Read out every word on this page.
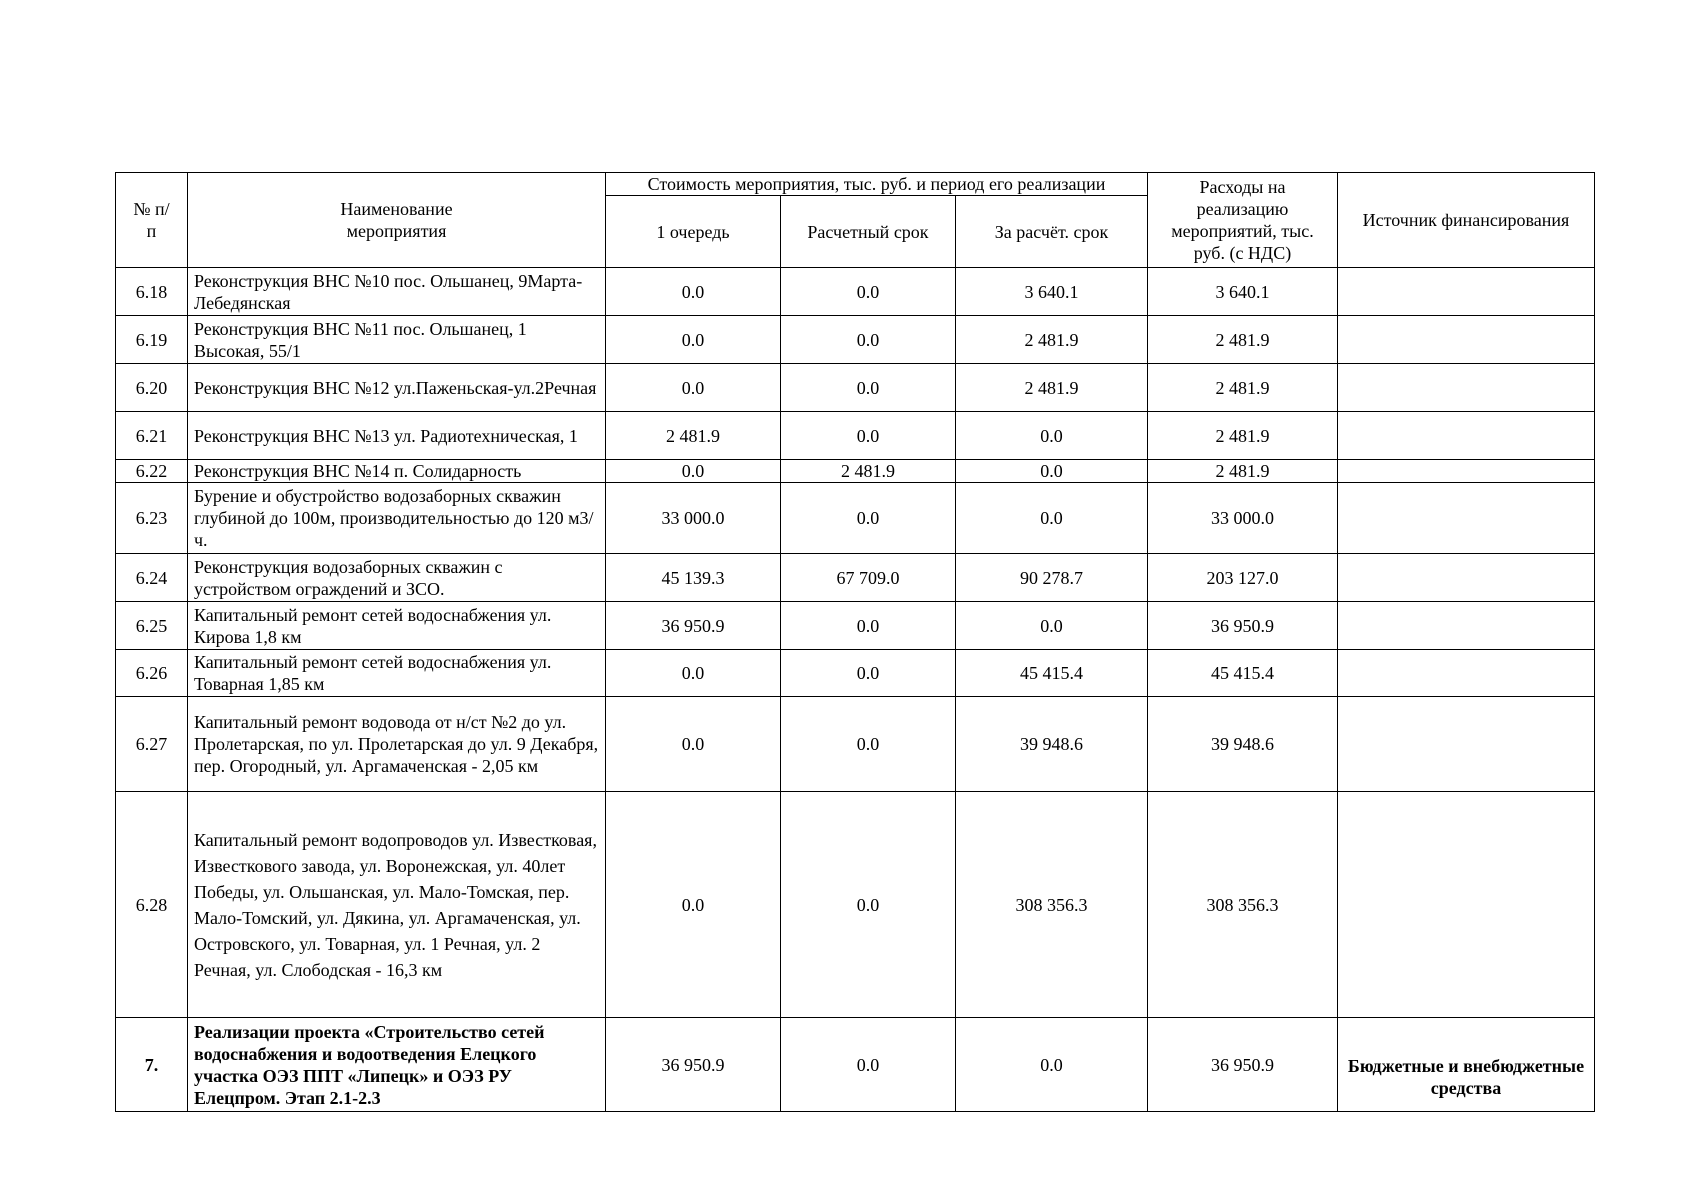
№ п/п	Наименование мероприятия	Стоимость мероприятия, тыс. руб. и период его реализации			Расходы на реализацию мероприятий, тыс. руб. (с НДС)	Источник финансирования
		1 очередь	Расчетный срок	За расчёт. срок		
6.18	Реконструкция ВНС №10 пос. Ольшанец, 9Марта-Лебедянская	0.0	0.0	3 640.1	3 640.1	
6.19	Реконструкция ВНС №11 пос. Ольшанец, 1 Высокая, 55/1	0.0	0.0	2 481.9	2 481.9	
6.20	Реконструкция ВНС №12 ул.Паженьская-ул.2Речная	0.0	0.0	2 481.9	2 481.9	
6.21	Реконструкция ВНС №13 ул. Радиотехническая, 1	2 481.9	0.0	0.0	2 481.9	
6.22	Реконструкция ВНС №14 п. Солидарность	0.0	2 481.9	0.0	2 481.9	
6.23	Бурение и обустройство водозаборных скважин глубиной до 100м, производительностью до 120 м3/ч.	33 000.0	0.0	0.0	33 000.0	
6.24	Реконструкция водозаборных скважин с устройством ограждений и ЗСО.	45 139.3	67 709.0	90 278.7	203 127.0	
6.25	Капитальный ремонт сетей водоснабжения ул. Кирова 1,8 км	36 950.9	0.0	0.0	36 950.9	
6.26	Капитальный ремонт сетей водоснабжения ул. Товарная 1,85 км	0.0	0.0	45 415.4	45 415.4	
6.27	Капитальный ремонт водовода от н/ст №2 до ул. Пролетарская, по ул. Пролетарская до ул. 9 Декабря, пер. Огородный, ул. Аргамаченская - 2,05 км	0.0	0.0	39 948.6	39 948.6	
6.28	Капитальный ремонт водопроводов ул. Известковая, Известкового завода, ул. Воронежская, ул. 40лет Победы, ул. Ольшанская, ул. Мало-Томская, пер. Мало-Томский, ул. Дякина, ул. Аргамаченская, ул. Островского, ул. Товарная, ул. 1 Речная, ул. 2 Речная, ул. Слободская - 16,3 км	0.0	0.0	308 356.3	308 356.3	
7.	Реализации проекта «Строительство сетей водоснабжения и водоотведения Елецкого участка ОЭЗ ППТ «Липецк» и ОЭЗ РУ Елецпром. Этап 2.1-2.3	36 950.9	0.0	0.0	36 950.9	Бюджетные и внебюджетные средства
